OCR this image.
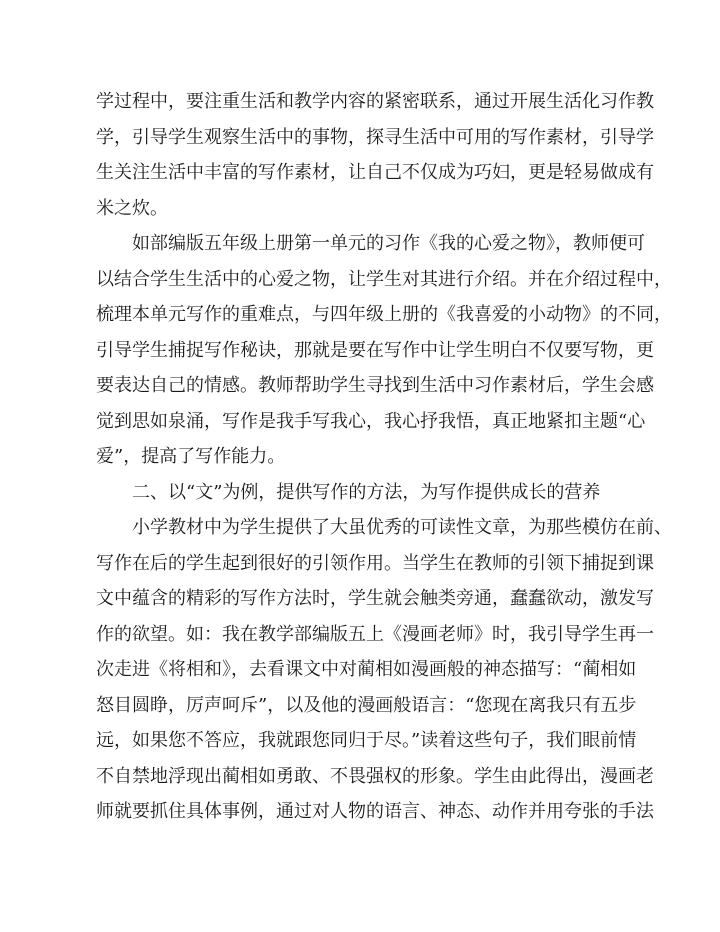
学过程中，要注重生活和教学内容的紧密联系，通过开展生活化习作教
学，引导学生观察生活中的事物，探寻生活中可用的写作素材，引导学
生关注生活中丰富的写作素材，让自己不仅成为巧妇，更是轻易做成有
米之炊。
　　如部编版五年级上册第一单元的习作《我的心爱之物》，教师便可
以结合学生生活中的心爱之物，让学生对其进行介绍。并在介绍过程中，
梳理本单元写作的重难点，与四年级上册的《我喜爱的小动物》的不同，
引导学生捕捉写作秘诀，那就是要在写作中让学生明白不仅要写物，更
要表达自己的情感。教师帮助学生寻找到生活中习作素材后，学生会感
觉到思如泉涌，写作是我手写我心，我心抒我悟，真正地紧扣主题“心
爱”，提高了写作能力。
　　二、以“文”为例，提供写作的方法，为写作提供成长的营养
　　小学教材中为学生提供了大虽优秀的可读性文章，为那些模仿在前、
写作在后的学生起到很好的引领作用。当学生在教师的引领下捕捉到课
文中蕴含的精彩的写作方法时，学生就会触类旁通，蠢蠢欲动，激发写
作的欲望。如：我在教学部编版五上《漫画老师》时，我引导学生再一
次走进《将相和》，去看课文中对蔺相如漫画般的神态描写：“蔺相如
怒目圆睁，厉声呵斥”，以及他的漫画般语言：“您现在离我只有五步
远，如果您不答应，我就跟您同归于尽。”读着这些句子，我们眼前情
不自禁地浮现出蔺相如勇敢、不畏强权的形象。学生由此得出，漫画老
师就要抓住具体事例，通过对人物的语言、神态、动作并用夸张的手法
